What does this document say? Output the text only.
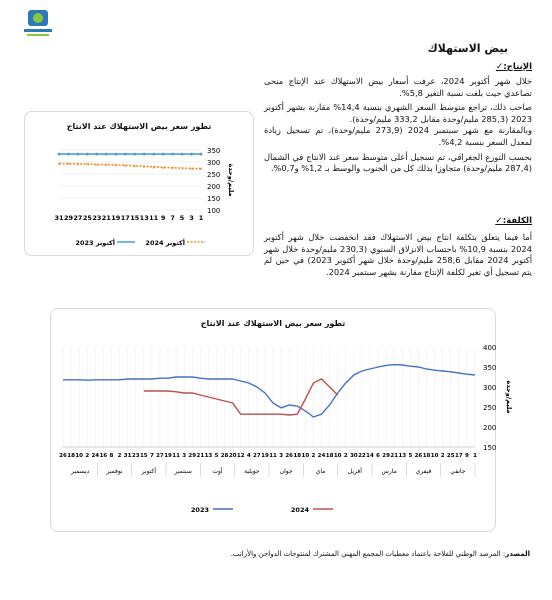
بيض الاستهلاك
الإنتاج:✓
خلال شهر أكتوبر 2024، عرفت أسعار بيض الاستهلاك عند الإنتاج منحى تصاعدي حيث بلغت نسبة التغير 5,8%.
صاحب ذلك، تراجع متوسط السعر الشهري بنسبة 14,4% مقارنة بشهر أكتوبر 2023 (285,3 مليم/وحدة مقابل 333,2 مليم/وحدة).
وبالمقارنة مع شهر سبتمبر 2024 (273,9 مليم/وحدة)، تم تسجيل زيادة لمعدل السعر بنسبة 4,2%.
بحسب التوزع الجغرافي، تم تسجيل أعلى متوسط سعر عند الانتاج في الشمال (287,4 مليم/وحدة) متجاوزا بذلك كل من الجنوب والوسط بـ 1,2% و0,7%.
الكلفة:✓
أما فيما يتعلق بتكلفة انتاج بيض الاستهلاك فقد انخفضت خلال شهر أكتوبر 2024 بنسبة 10,9% باحتساب الانزلاق السنوي (230,3 مليم/وحدة خلال شهر أكتوبر 2024 مقابل 258,6 مليم/وحدة خلال شهر أكتوبر 2023) في حين لم يتم تسجيل أي تغير لكلفة الإنتاج مقارنة بشهر سبتمبر 2024.
تطور سعر بيض الاستهلاك عند الانتاج
100
150
200
250
300
350
مليم/وحدة
1
3
5
7
9
11
13
15
17
19
21
23
25
27
29
31
×
×
×
×
×
×
×
×
×
×
×
×
×
×
×
×
أكتوبر 2024
أكتوبر 2023
تطور سعر بيض الاستهلاك عند الانتاج
150
200
250
300
350
400
مليم/وحدة
1
9
17
25
2
10
18
26
5
13
21
29
6
14
22
30
2
10
18
24
2
10
18
26
3
11
19
27
4
12
20
28
5
13
21
29
3
11
19
27
7
15
23
31
2
8
16
24
2
10
18
26
جانفي
فيفري
مارس
أفريل
ماي
جوان
جويلية
أوت
سبتمبر
أكتوبر
نوفمبر
ديسمبر
2024
2023
المصدر: المرصد الوطني للفلاحة باعتماد معطيات المجمع المهني المشترك لمنتوجات الدواجن والأرانب.
